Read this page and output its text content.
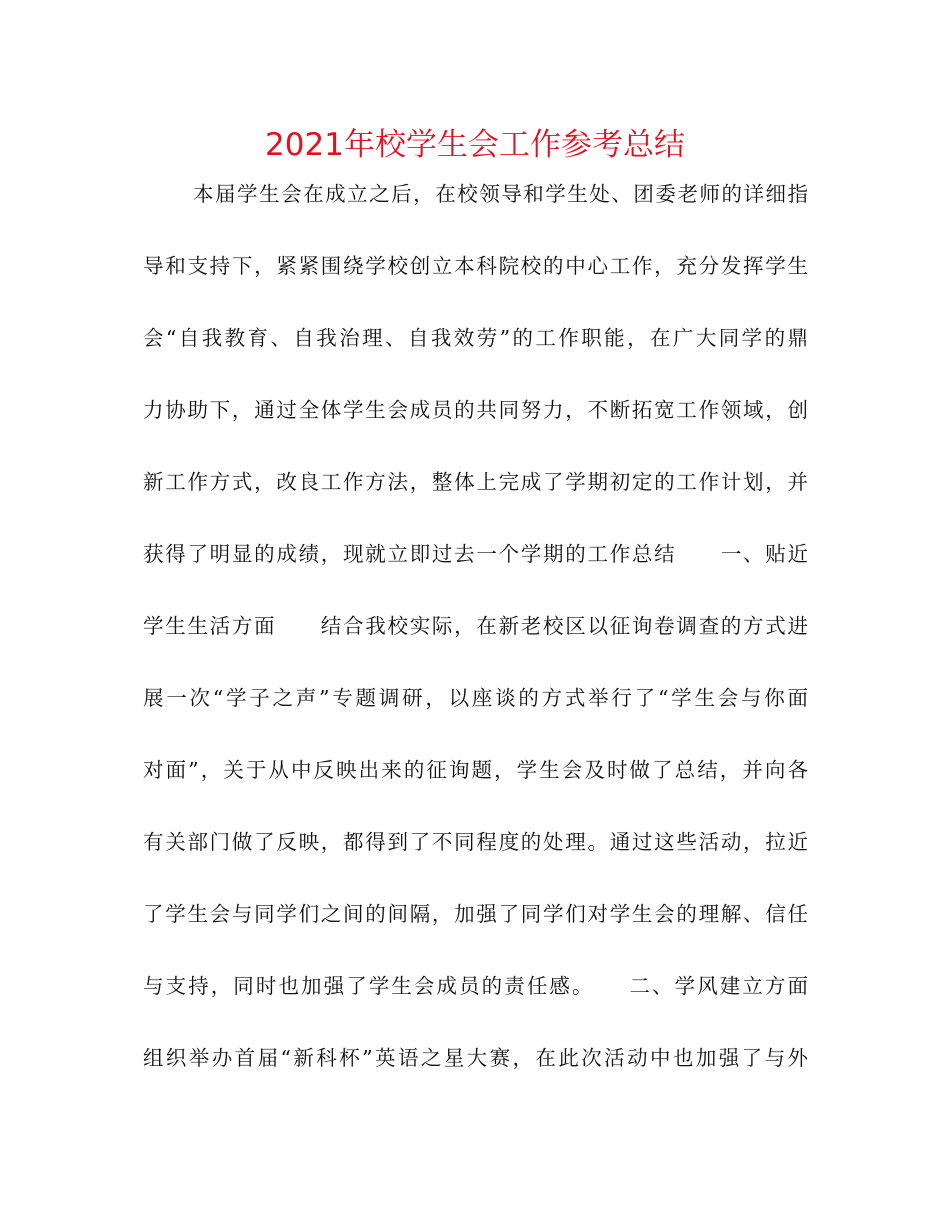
2021年校学生会工作参考总结
本届学生会在成立之后，在校领导和学生处、团委老师的详细指
导和支持下，紧紧围绕学校创立本科院校的中心工作，充分发挥学生
会“自我教育、自我治理、自我效劳”的工作职能，在广大同学的鼎
力协助下，通过全体学生会成员的共同努力，不断拓宽工作领域，创
新工作方式，改良工作方法，整体上完成了学期初定的工作计划，并
获得了明显的成绩，现就立即过去一个学期的工作总结　　一、贴近
学生生活方面　　结合我校实际，在新老校区以征询卷调查的方式进
展一次“学子之声”专题调研，以座谈的方式举行了“学生会与你面
对面”，关于从中反映出来的征询题，学生会及时做了总结，并向各
有关部门做了反映，都得到了不同程度的处理。通过这些活动，拉近
了学生会与同学们之间的间隔，加强了同学们对学生会的理解、信任
与支持，同时也加强了学生会成员的责任感。　　二、学风建立方面
组织举办首届“新科杯”英语之星大赛，在此次活动中也加强了与外
